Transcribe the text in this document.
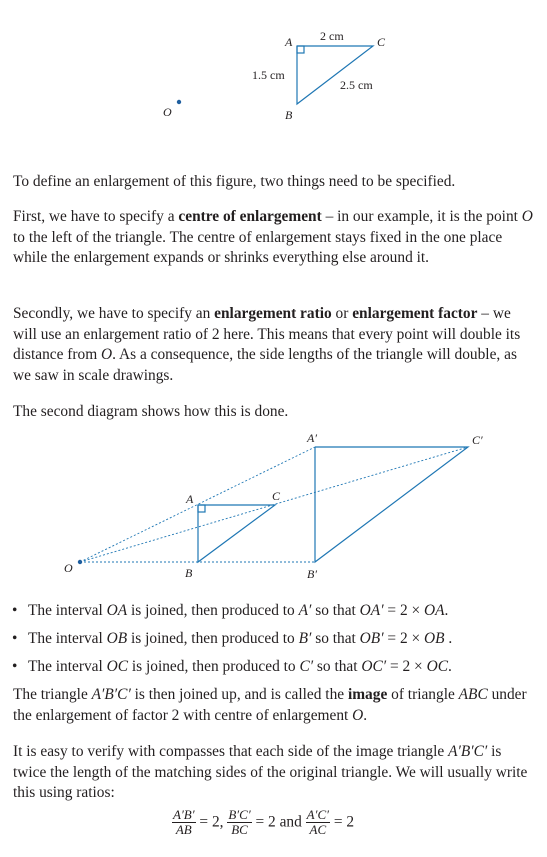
A	C
B
O
2 cm
1.5 cm
2.5 cm
To define an enlargement of this figure, two things need to be specified.
First, we have to specify a centre of enlargement – in our example, it is the point O to the left of the triangle. The centre of enlargement stays fixed in the one place while the enlargement expands or shrinks everything else around it.
Secondly, we have to specify an enlargement ratio or enlargement factor – we will use an enlargement ratio of 2 here. This means that every point will double its distance from O. As a consequence, the side lengths of the triangle will double, as we saw in scale drawings.
The second diagram shows how this is done.
O
A
B
C
A′
B′
C′
• The interval OA is joined, then produced to A′ so that OA′ = 2 × OA.
• The interval OB is joined, then produced to B′ so that OB′ = 2 × OB .
• The interval OC is joined, then produced to C′ so that OC′ = 2 × OC.
The triangle A′B′C′ is then joined up, and is called the image of triangle ABC under the enlargement of factor 2 with centre of enlargement O.
It is easy to verify with compasses that each side of the image triangle A′B′C′ is twice the length of the matching sides of the original triangle. We will usually write this using ratios:
$\frac{A'B'}{AB} = 2$, $\frac{B'C'}{BC} = 2$ and $\frac{A'C'}{AC} = 2$
